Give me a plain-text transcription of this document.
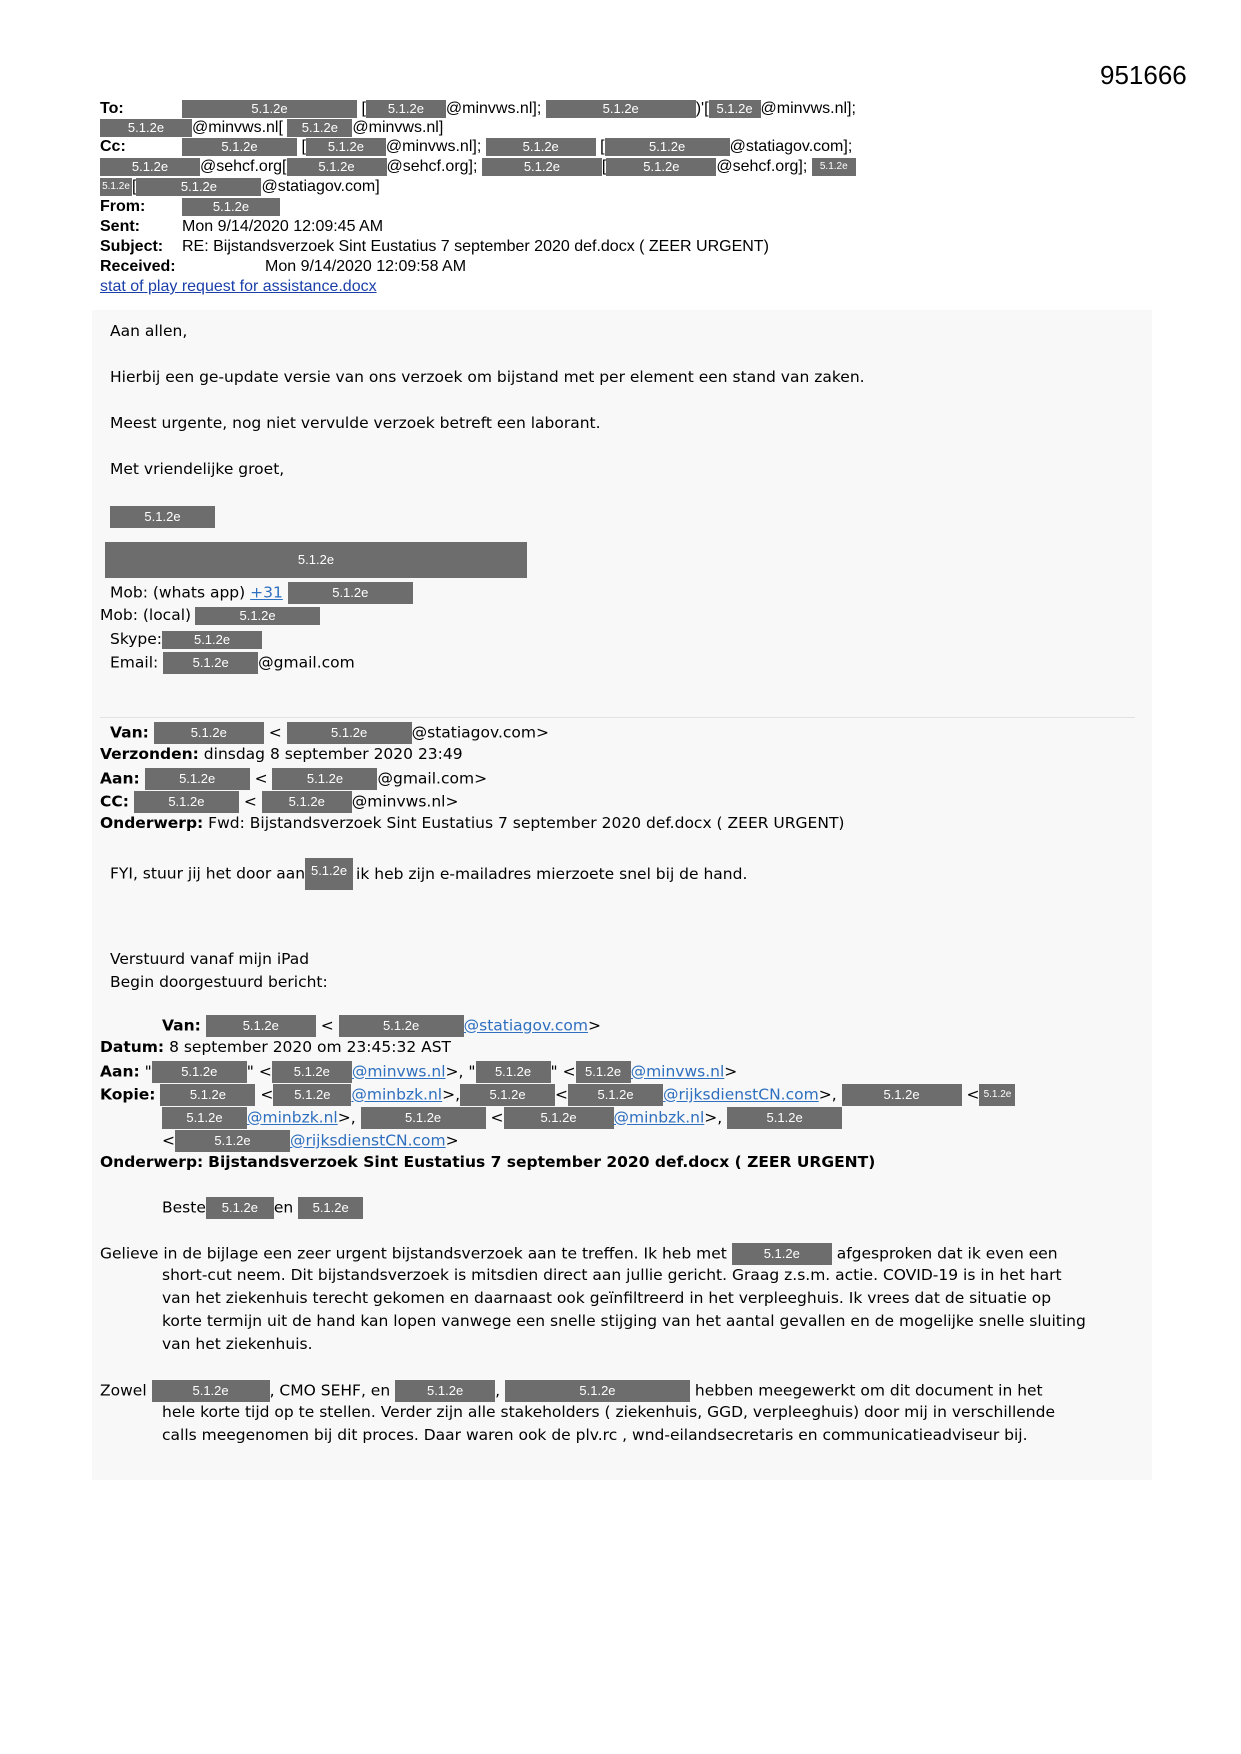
951666
To:	5.1.2e	[ 5.1.2e @minvws.nl];	5.1.2e	)'[ 5.1.2e @minvws.nl];
5.1.2e @minvws.nl[ 5.1.2e @minvws.nl]
Cc:	5.1.2e [ 5.1.2e @minvws.nl];	5.1.2e [	5.1.2e	@statiagov.com];
5.1.2e @sehcf.org[ 5.1.2e @sehcf.org];	5.1.2e	[	5.1.2e @sehcf.org]; 5.1.2e
5.1.2e [	5.1.2e	@statiagov.com]
From:	5.1.2e
Sent:	Mon 9/14/2020 12:09:45 AM
Subject: RE: Bijstandsverzoek Sint Eustatius 7 september 2020 def.docx ( ZEER URGENT)
Received:	Mon 9/14/2020 12:09:58 AM
stat of play request for assistance.docx
Aan allen,
Hierbij een ge-update versie van ons verzoek om bijstand met per element een stand van zaken.
Meest urgente, nog niet vervulde verzoek betreft een laborant.
Met vriendelijke groet,
5.1.2e
5.1.2e
Mob: (whats app) +31	5.1.2e
Mob: (local)	5.1.2e
Skype: 5.1.2e
Email:	5.1.2e @gmail.com
Van:	5.1.2e <	5.1.2e	@statiagov.com>
Verzonden: dinsdag 8 september 2020 23:49
Aan:	5.1.2e <	5.1.2e @gmail.com>
CC:	5.1.2e < 5.1.2e @minvws.nl>
Onderwerp: Fwd: Bijstandsverzoek Sint Eustatius 7 september 2020 def.docx ( ZEER URGENT)
FYI, stuur jij het door aan 5.1.2e ik heb zijn e-mailadres mierzoete snel bij de hand.
Verstuurd vanaf mijn iPad
Begin doorgestuurd bericht:
Van:	5.1.2e <	5.1.2e	@statiagov.com>
Datum: 8 september 2020 om 23:45:32 AST
Aan: " 5.1.2e " < 5.1.2e @minvws.nl>, " 5.1.2e " < 5.1.2e @minvws.nl>
Kopie:	5.1.2e < 5.1.2e @minbzk.nl>, 5.1.2e < 5.1.2e @rijksdienstCN.com>,	5.1.2e	< 5.1.2e
5.1.2e @minbzk.nl>,	5.1.2e	<	5.1.2e @minbzk.nl>,	5.1.2e
<	5.1.2e	@rijksdienstCN.com>
Onderwerp: Bijstandsverzoek Sint Eustatius 7 september 2020 def.docx ( ZEER URGENT)
Beste 5.1.2e en 5.1.2e
Gelieve in de bijlage een zeer urgent bijstandsverzoek aan te treffen. Ik heb met	5.1.2e afgesproken dat ik even een
short-cut neem. Dit bijstandsverzoek is mitsdien direct aan jullie gericht. Graag z.s.m. actie. COVID-19 is in het hart
van het ziekenhuis terecht gekomen en daarnaast ook geïnfiltreerd in het verpleeghuis. Ik vrees dat de situatie op
korte termijn uit de hand kan lopen vanwege een snelle stijging van het aantal gevallen en de mogelijke snelle sluiting
van het ziekenhuis.
Zowel	5.1.2e	, CMO SEHF, en	5.1.2e ,	5.1.2e	hebben meegewerkt om dit document in het
hele korte tijd op te stellen. Verder zijn alle stakeholders ( ziekenhuis, GGD, verpleeghuis) door mij in verschillende
calls meegenomen bij dit proces. Daar waren ook de plv.rc , wnd-eilandsecretaris en communicatieadviseur bij.
